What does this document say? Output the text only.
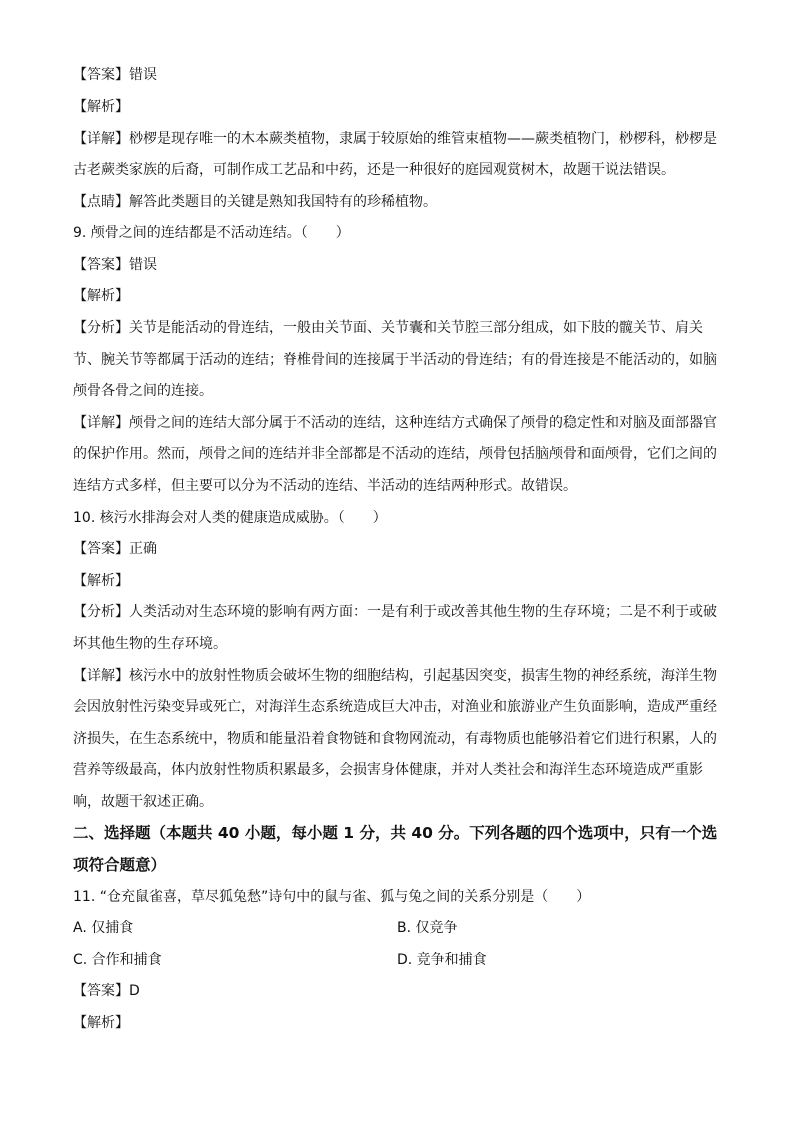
【答案】错误

【解析】

【详解】桫椤是现存唯一的木本蕨类植物，隶属于较原始的维管束植物——蕨类植物门，桫椤科，桫椤是

古老蕨类家族的后裔，可制作成工艺品和中药，还是一种很好的庭园观赏树木，故题干说法错误。

【点睛】解答此类题目的关键是熟知我国特有的珍稀植物。

9. 颅骨之间的连结都是不活动连结。（　　）

【答案】错误

【解析】

【分析】关节是能活动的骨连结，一般由关节面、关节囊和关节腔三部分组成，如下肢的髋关节、肩关

节、腕关节等都属于活动的连结；脊椎骨间的连接属于半活动的骨连结；有的骨连接是不能活动的，如脑

颅骨各骨之间的连接。

【详解】颅骨之间的连结大部分属于不活动的连结，这种连结方式确保了颅骨的稳定性和对脑及面部器官

的保护作用。然而，颅骨之间的连结并非全部都是不活动的连结，颅骨包括脑颅骨和面颅骨，它们之间的

连结方式多样，但主要可以分为不活动的连结、半活动的连结两种形式。故错误。

10. 核污水排海会对人类的健康造成威胁。（　　）

【答案】正确

【解析】

【分析】人类活动对生态环境的影响有两方面：一是有利于或改善其他生物的生存环境；二是不利于或破

坏其他生物的生存环境。

【详解】核污水中的放射性物质会破坏生物的细胞结构，引起基因突变，损害生物的神经系统，海洋生物

会因放射性污染变异或死亡，对海洋生态系统造成巨大冲击，对渔业和旅游业产生负面影响，造成严重经

济损失，在生态系统中，物质和能量沿着食物链和食物网流动，有毒物质也能够沿着它们进行积累，人的

营养等级最高，体内放射性物质积累最多，会损害身体健康，并对人类社会和海洋生态环境造成严重影

响，故题干叙述正确。

二、选择题（本题共 40 小题，每小题 1 分，共 40 分。下列各题的四个选项中，只有一个选

项符合题意）

11. “仓充鼠雀喜，草尽狐兔愁”诗句中的鼠与雀、狐与兔之间的关系分别是（　　）

A. 仅捕食	B. 仅竞争
C. 合作和捕食	D. 竞争和捕食

【答案】D

【解析】
